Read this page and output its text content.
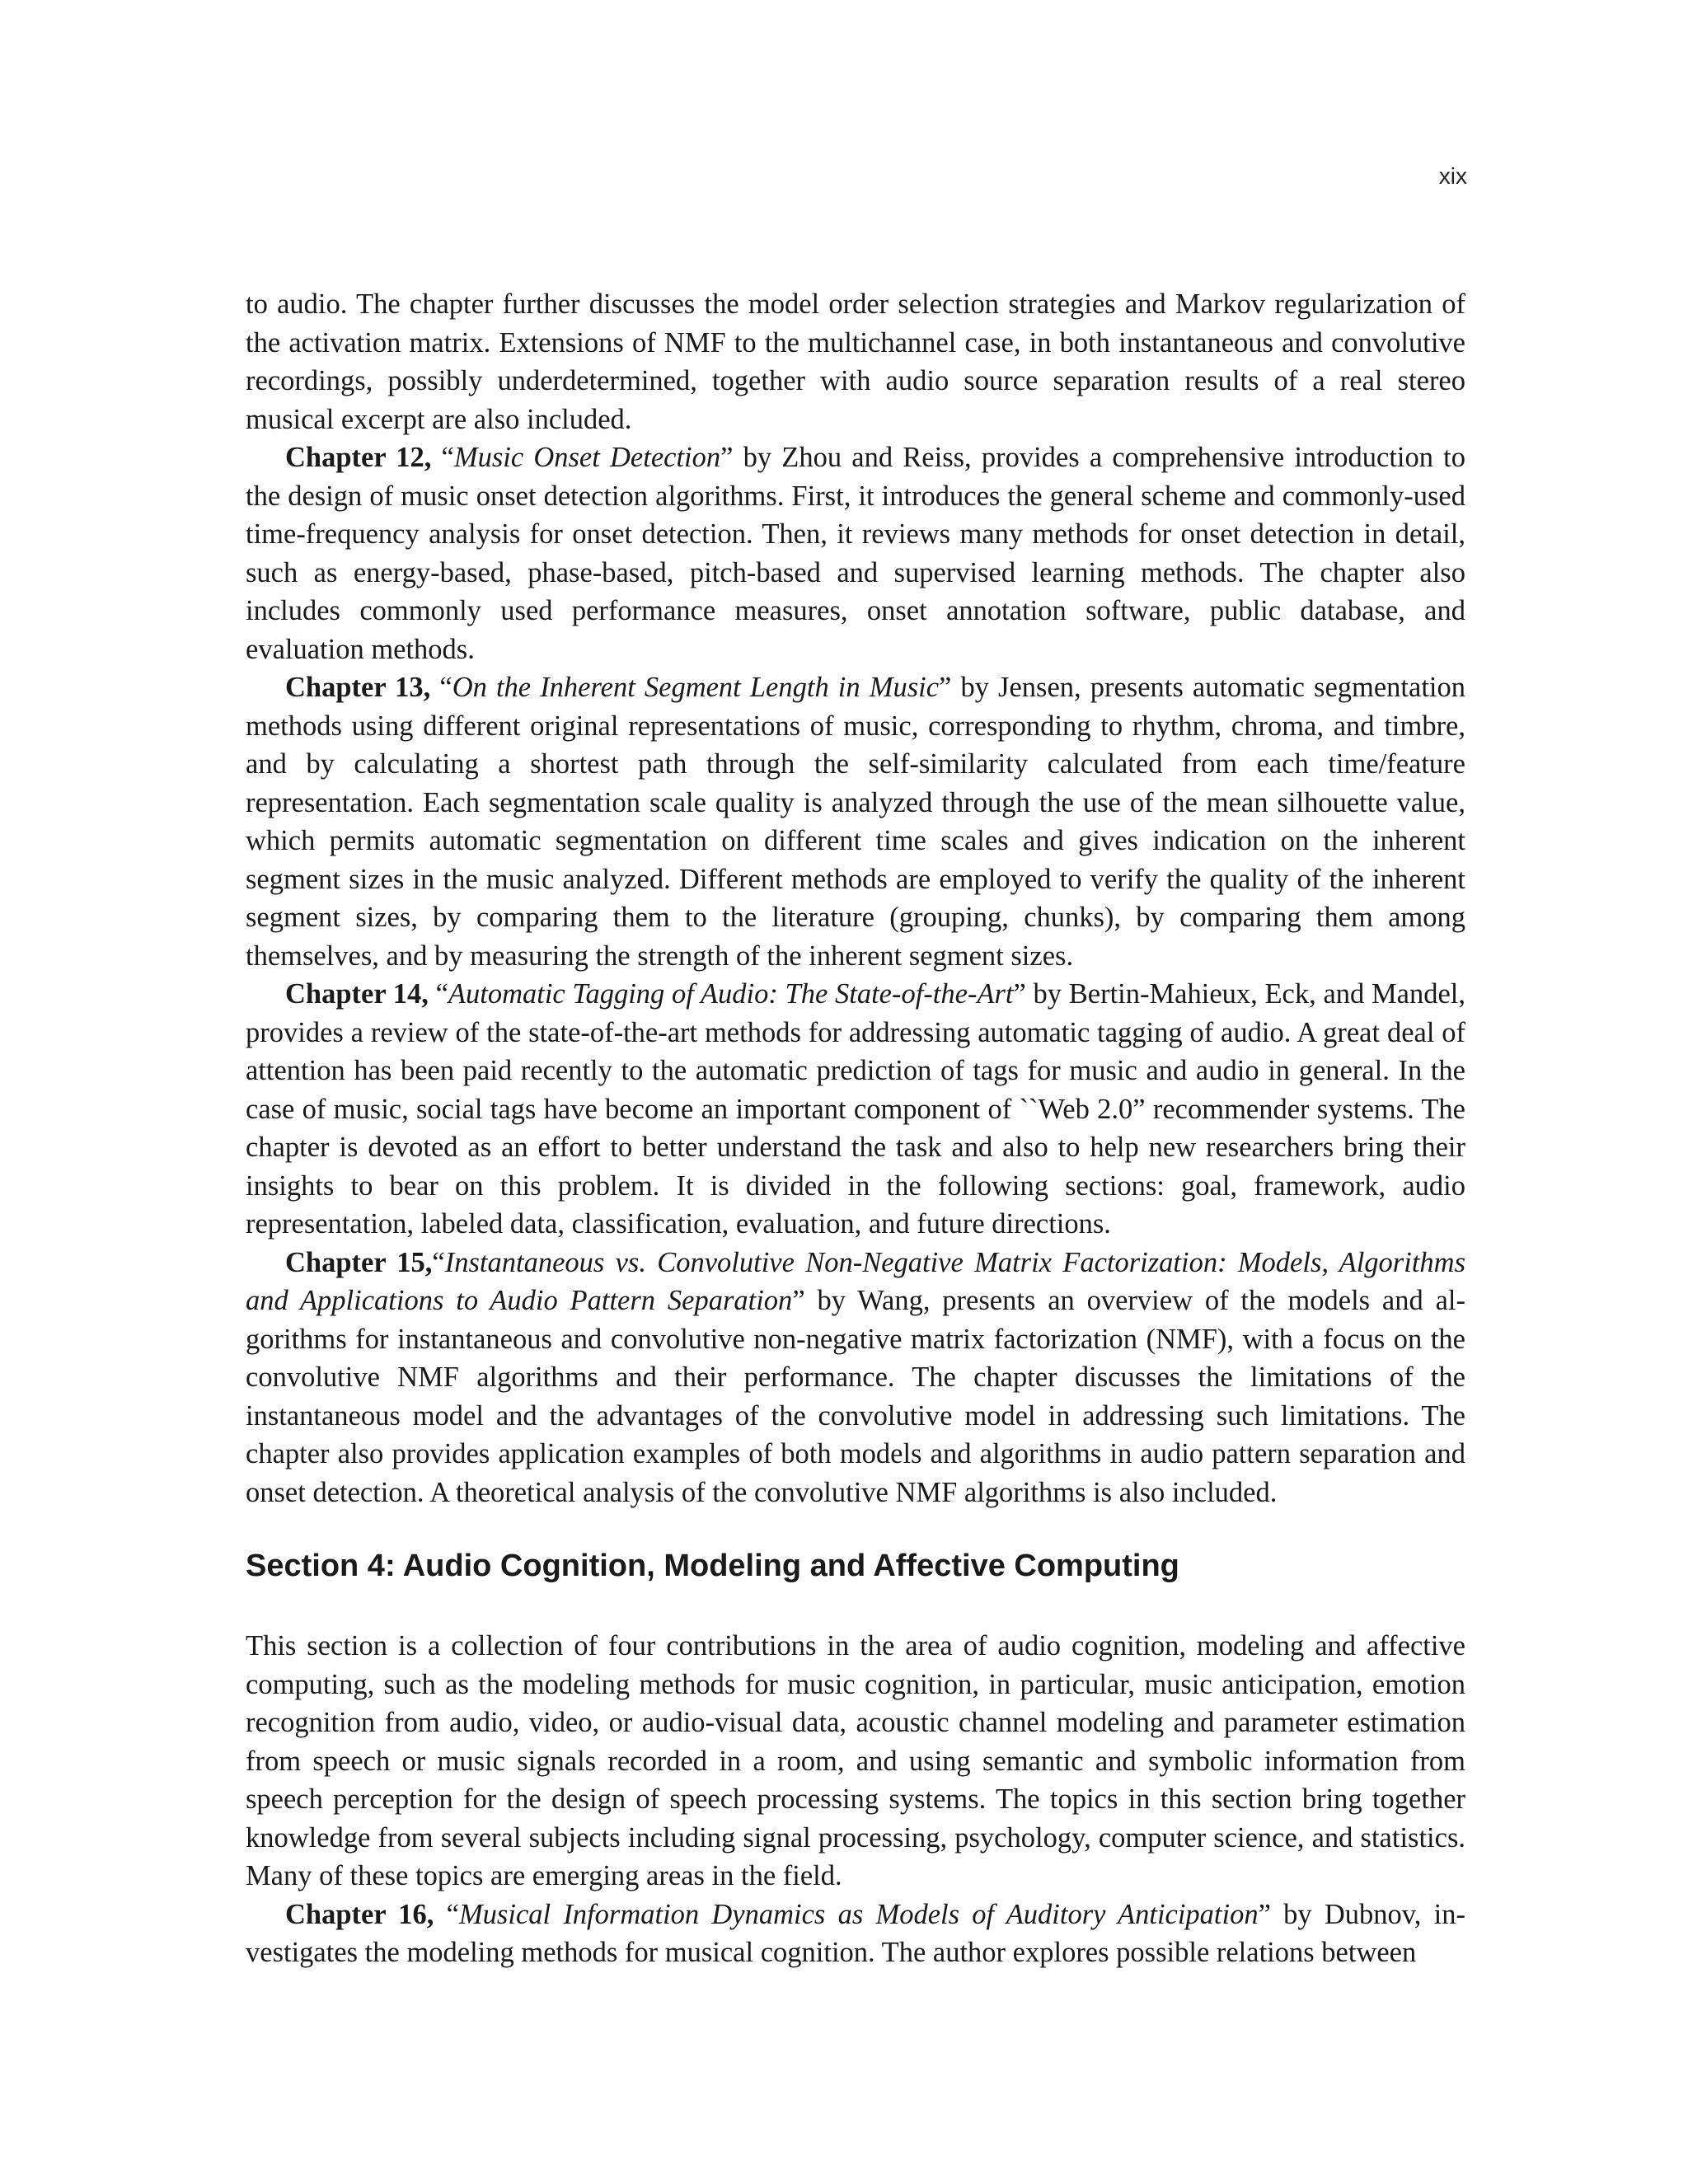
xix

to audio. The chapter further discusses the model order selection strategies and Markov regularization of the activation matrix. Extensions of NMF to the multichannel case, in both instantaneous and convolutive recordings, possibly underdetermined, together with audio source separation results of a real stereo musical excerpt are also included.

Chapter 12, “Music Onset Detection” by Zhou and Reiss, provides a comprehensive introduction to the design of music onset detection algorithms. First, it introduces the general scheme and commonly-used time-frequency analysis for onset detection. Then, it reviews many methods for onset detection in detail, such as energy-based, phase-based, pitch-based and supervised learning methods. The chapter also includes commonly used performance measures, onset annotation software, public database, and evaluation methods.

Chapter 13, “On the Inherent Segment Length in Music” by Jensen, presents automatic segmentation methods using different original representations of music, corresponding to rhythm, chroma, and timbre, and by calculating a shortest path through the self-similarity calculated from each time/feature representation. Each segmentation scale quality is analyzed through the use of the mean silhouette value, which permits automatic segmentation on different time scales and gives indication on the inherent segment sizes in the music analyzed. Different methods are employed to verify the quality of the inherent segment sizes, by comparing them to the literature (grouping, chunks), by comparing them among themselves, and by measuring the strength of the inherent segment sizes.

Chapter 14, “Automatic Tagging of Audio: The State-of-the-Art” by Bertin-Mahieux, Eck, and Mandel, provides a review of the state-of-the-art methods for addressing automatic tagging of audio. A great deal of attention has been paid recently to the automatic prediction of tags for music and audio in general. In the case of music, social tags have become an important component of ``Web 2.0” recommender systems. The chapter is devoted as an effort to better understand the task and also to help new researchers bring their insights to bear on this problem. It is divided in the following sections: goal, framework, audio representation, labeled data, classification, evaluation, and future directions.

Chapter 15,“Instantaneous vs. Convolutive Non-Negative Matrix Factorization: Models, Algorithms and Applications to Audio Pattern Separation” by Wang, presents an overview of the models and algorithms for instantaneous and convolutive non-negative matrix factorization (NMF), with a focus on the convolutive NMF algorithms and their performance. The chapter discusses the limitations of the instantaneous model and the advantages of the convolutive model in addressing such limitations. The chapter also provides application examples of both models and algorithms in audio pattern separation and onset detection. A theoretical analysis of the convolutive NMF algorithms is also included.

Section 4: Audio Cognition, Modeling and Affective Computing

This section is a collection of four contributions in the area of audio cognition, modeling and affective computing, such as the modeling methods for music cognition, in particular, music anticipation, emotion recognition from audio, video, or audio-visual data, acoustic channel modeling and parameter estimation from speech or music signals recorded in a room, and using semantic and symbolic information from speech perception for the design of speech processing systems. The topics in this section bring together knowledge from several subjects including signal processing, psychology, computer science, and statistics. Many of these topics are emerging areas in the field.

Chapter 16, “Musical Information Dynamics as Models of Auditory Anticipation” by Dubnov, investigates the modeling methods for musical cognition. The author explores possible relations between
